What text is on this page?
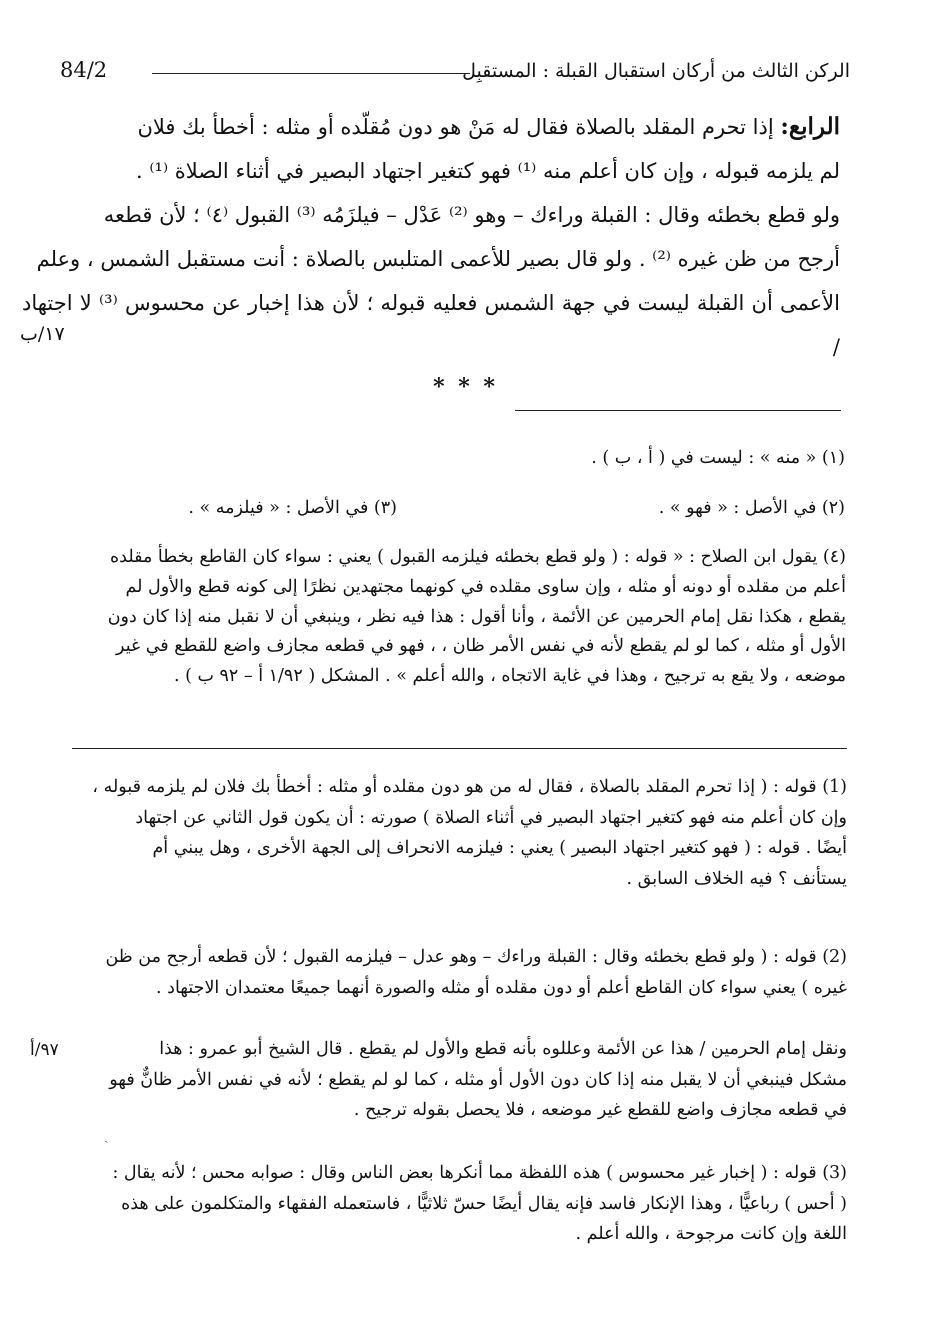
84/2	الركن الثالث من أركان استقبال القبلة : المستقبِل

الرابع: إذا تحرم المقلد بالصلاة فقال له مَنْ هو دون مُقلّده أو مثله : أخطأ بك فلان

لم يلزمه قبوله ، وإن كان أعلم منه ⁽¹⁾ فهو كتغير اجتهاد البصير في أثناء الصلاة ⁽¹⁾ .

ولو قطع بخطئه وقال : القبلة وراءك – وهو ⁽²⁾ عَدْل – فيلزَمُه ⁽³⁾ القبول ⁽٤⁾ ؛ لأن قطعه

أرجح من ظن غيره ⁽²⁾ . ولو قال بصير للأعمى المتلبس بالصلاة : أنت مستقبل الشمس ، وعلم

الأعمى أن القبلة ليست في جهة الشمس فعليه قبوله ؛ لأن هذا إخبار عن محسوس ⁽³⁾ لا اجتهاد /

١٧/ب
* * *
(١) « منه » : ليست في ( أ ، ب ) .
(٢) في الأصل : « فهو » .
(٣) في الأصل : « فيلزمه » .
(٤) يقول ابن الصلاح : « قوله : ( ولو قطع بخطئه فيلزمه القبول ) يعني : سواء كان القاطع بخطأ مقلده
أعلم من مقلده أو دونه أو مثله ، وإن ساوى مقلده في كونهما مجتهدين نظرًا إلى كونه قطع والأول لم
يقطع ، هكذا نقل إمام الحرمين عن الأئمة ، وأنا أقول : هذا فيه نظر ، وينبغي أن لا نقبل منه إذا كان دون
الأول أو مثله ، كما لو لم يقطع لأنه في نفس الأمر ظان ، ، فهو في قطعه مجازف واضع للقطع في غير
موضعه ، ولا يقع به ترجيح ، وهذا في غاية الاتجاه ، والله أعلم » . المشكل ( ١/٩٢ أ – ٩٢ ب ) .

(1) قوله : ( إذا تحرم المقلد بالصلاة ، فقال له من هو دون مقلده أو مثله : أخطأ بك فلان لم يلزمه قبوله ،

وإن كان أعلم منه فهو كتغير اجتهاد البصير في أثناء الصلاة ) صورته : أن يكون قول الثاني عن اجتهاد

أيضًا . قوله : ( فهو كتغير اجتهاد البصير ) يعني : فيلزمه الانحراف إلى الجهة الأخرى ، وهل يبني أم

يستأنف ؟ فيه الخلاف السابق .

(2) قوله : ( ولو قطع بخطئه وقال : القبلة وراءك – وهو عدل – فيلزمه القبول ؛ لأن قطعه أرجح من ظن

غيره ) يعني سواء كان القاطع أعلم أو دون مقلده أو مثله والصورة أنهما جميعًا معتمدان الاجتهاد .

ونقل إمام الحرمين / هذا عن الأئمة وعللوه بأنه قطع والأول لم يقطع . قال الشيخ أبو عمرو : هذا

مشكل فينبغي أن لا يقبل منه إذا كان دون الأول أو مثله ، كما لو لم يقطع ؛ لأنه في نفس الأمر ظانٌّ فهو

في قطعه مجازف واضع للقطع غير موضعه ، فلا يحصل بقوله ترجيح .

٩٧/أ
ˎ

(3) قوله : ( إخبار غير محسوس ) هذه اللفظة مما أنكرها بعض الناس وقال : صوابه محس ؛ لأنه يقال :

( أحس ) رباعيًّا ، وهذا الإنكار فاسد فإنه يقال أيضًا حسّ ثلاثيًّا ، فاستعمله الفقهاء والمتكلمون على هذه

اللغة وإن كانت مرجوحة ، والله أعلم .
